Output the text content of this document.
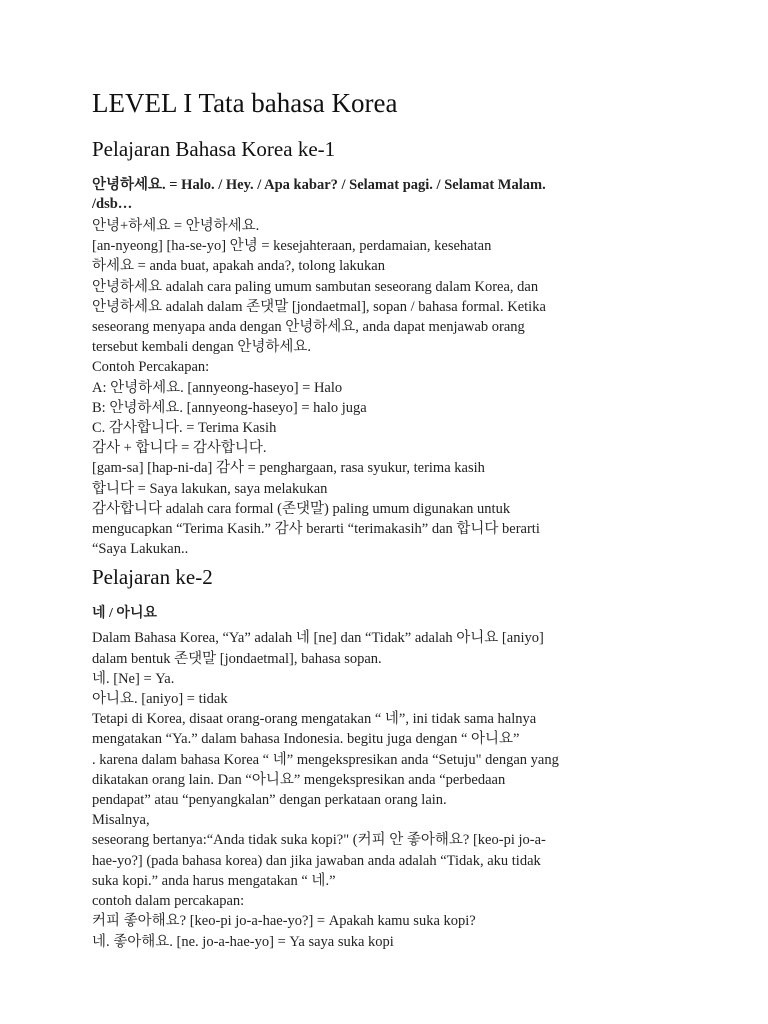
LEVEL I Tata bahasa Korea
Pelajaran Bahasa Korea ke-1
안녕하세요. = Halo. / Hey. / Apa kabar? / Selamat pagi. / Selamat Malam.
/dsb…
안녕+하세요 = 안녕하세요.
[an-nyeong] [ha-se-yo] 안녕 = kesejahteraan, perdamaian, kesehatan
하세요 = anda buat, apakah anda?, tolong lakukan
안녕하세요 adalah cara paling umum sambutan seseorang dalam Korea, dan
안녕하세요 adalah dalam 존댓말 [jondaetmal], sopan / bahasa formal. Ketika
seseorang menyapa anda dengan 안녕하세요, anda dapat menjawab orang
tersebut kembali dengan 안녕하세요.
Contoh Percakapan:
A: 안녕하세요. [annyeong-haseyo] = Halo
B: 안녕하세요. [annyeong-haseyo] = halo juga
C. 감사합니다. = Terima Kasih
감사 + 합니다 = 감사합니다.
[gam-sa] [hap-ni-da] 감사 = penghargaan, rasa syukur, terima kasih
합니다 = Saya lakukan, saya melakukan
감사합니다 adalah cara formal (존댓말) paling umum digunakan untuk
mengucapkan “Terima Kasih.” 감사 berarti “terimakasih” dan 합니다 berarti
“Saya Lakukan..
Pelajaran ke-2
네 / 아니요
Dalam Bahasa Korea, “Ya” adalah 네 [ne] dan “Tidak” adalah 아니요 [aniyo]
dalam bentuk 존댓말 [jondaetmal], bahasa sopan.
네. [Ne] = Ya.
아니요. [aniyo] = tidak
Tetapi di Korea, disaat orang-orang mengatakan “ 네”, ini tidak sama halnya
mengatakan “Ya.” dalam bahasa Indonesia. begitu juga dengan “ 아니요”
. karena dalam bahasa Korea “ 네” mengekspresikan anda “Setuju" dengan yang
dikatakan orang lain. Dan “아니요” mengekspresikan anda “perbedaan
pendapat” atau “penyangkalan” dengan perkataan orang lain.
Misalnya,
seseorang bertanya:“Anda tidak suka kopi?" (커피 안 좋아해요? [keo-pi jo-a-
hae-yo?] (pada bahasa korea) dan jika jawaban anda adalah “Tidak, aku tidak
suka kopi.” anda harus mengatakan “ 네.”
contoh dalam percakapan:
커피 좋아해요? [keo-pi jo-a-hae-yo?] = Apakah kamu suka kopi?
네. 좋아해요. [ne. jo-a-hae-yo] = Ya saya suka kopi
